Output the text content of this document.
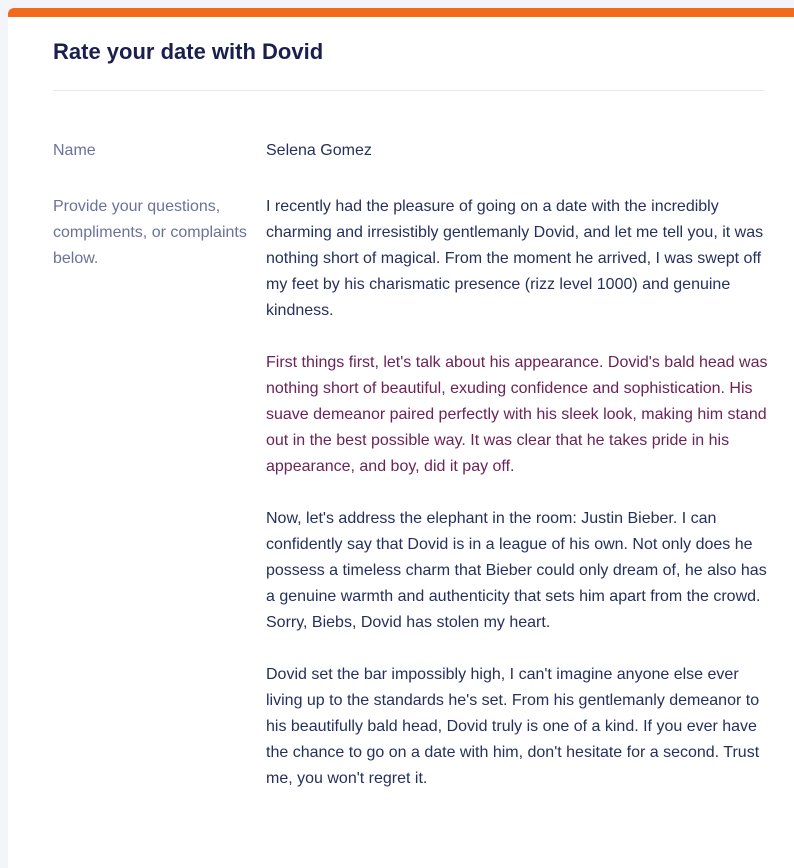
Rate your date with Dovid
Name	Selena Gomez
Provide your questions, compliments, or complaints below.

I recently had the pleasure of going on a date with the incredibly charming and irresistibly gentlemanly Dovid, and let me tell you, it was nothing short of magical. From the moment he arrived, I was swept off my feet by his charismatic presence (rizz level 1000) and genuine kindness.

First things first, let's talk about his appearance. Dovid's bald head was nothing short of beautiful, exuding confidence and sophistication. His suave demeanor paired perfectly with his sleek look, making him stand out in the best possible way. It was clear that he takes pride in his appearance, and boy, did it pay off.

Now, let's address the elephant in the room: Justin Bieber. I can confidently say that Dovid is in a league of his own. Not only does he possess a timeless charm that Bieber could only dream of, he also has a genuine warmth and authenticity that sets him apart from the crowd. Sorry, Biebs, Dovid has stolen my heart.

Dovid set the bar impossibly high, I can't imagine anyone else ever living up to the standards he's set. From his gentlemanly demeanor to his beautifully bald head, Dovid truly is one of a kind. If you ever have the chance to go on a date with him, don't hesitate for a second. Trust me, you won't regret it.
